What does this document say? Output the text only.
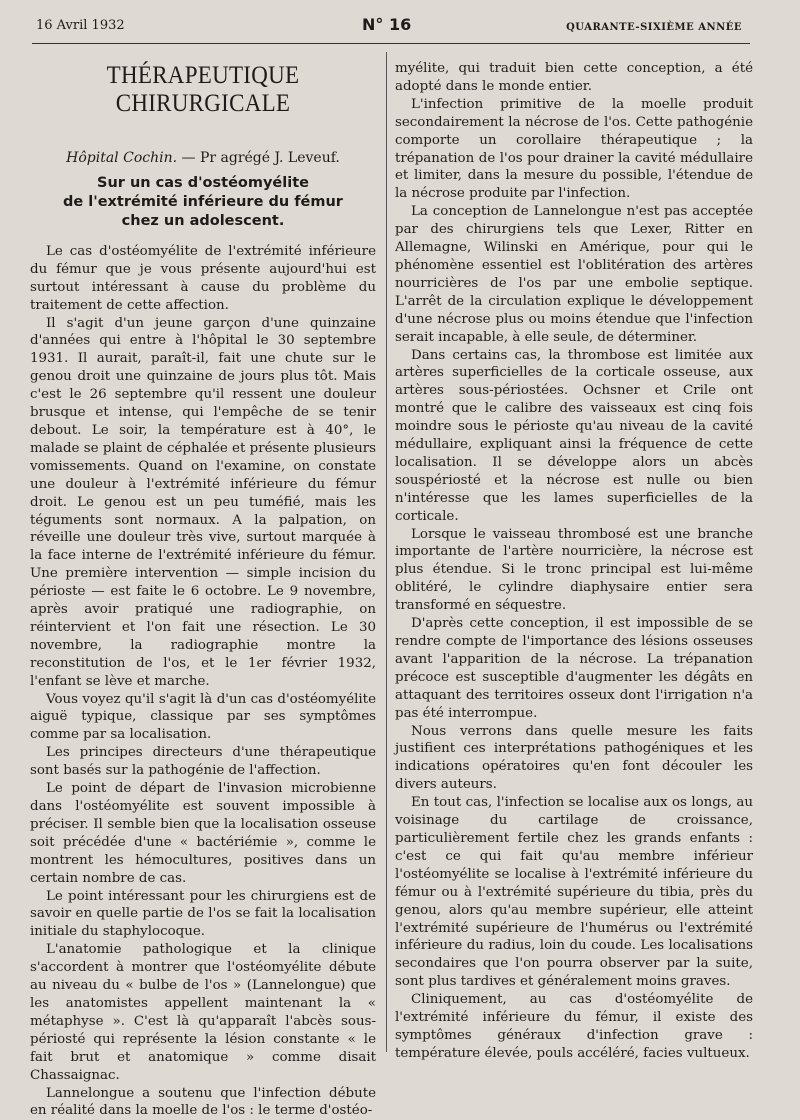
16 Avril 1932	N° 16	QUARANTE-SIXIÈME ANNÉE
THÉRAPEUTIQUE CHIRURGICALE
Hôpital Cochin. — Pr agrégé J. Leveuf.
Sur un cas d'ostéomyélite
de l'extrémité inférieure du fémur
chez un adolescent.

Le cas d'ostéomyélite de l'extrémité inférieure du fémur que je vous présente aujourd'hui est surtout intéressant à cause du problème du traitement de cette affection.

Il s'agit d'un jeune garçon d'une quinzaine d'années qui entre à l'hôpital le 30 septembre 1931. Il aurait, paraît-il, fait une chute sur le genou droit une quinzaine de jours plus tôt. Mais c'est le 26 septembre qu'il ressent une douleur brusque et intense, qui l'empêche de se tenir debout. Le soir, la température est à 40°, le malade se plaint de céphalée et présente plusieurs vomissements. Quand on l'examine, on constate une douleur à l'extrémité inférieure du fémur droit. Le genou est un peu tuméfié, mais les téguments sont normaux. A la palpation, on réveille une douleur très vive, surtout marquée à la face interne de l'extrémité inférieure du fémur. Une première intervention — simple incision du périoste — est faite le 6 octobre. Le 9 novembre, après avoir pratiqué une radiographie, on réintervient et l'on fait une résection. Le 30 novembre, la radiographie montre la reconstitution de l'os, et le 1er février 1932, l'enfant se lève et marche.

Vous voyez qu'il s'agit là d'un cas d'ostéomyélite aiguë typique, classique par ses symptômes comme par sa localisation.

Les principes directeurs d'une thérapeutique sont basés sur la pathogénie de l'affection.

Le point de départ de l'invasion microbienne dans l'ostéomyélite est souvent impossible à préciser. Il semble bien que la localisation osseuse soit précédée d'une « bactériémie », comme le montrent les hémocultures, positives dans un certain nombre de cas.

Le point intéressant pour les chirurgiens est de savoir en quelle partie de l'os se fait la localisation initiale du staphylocoque.

L'anatomie pathologique et la clinique s'accordent à montrer que l'ostéomyélite débute au niveau du « bulbe de l'os » (Lannelongue) que les anatomistes appellent maintenant la « métaphyse ». C'est là qu'apparaît l'abcès sous-périosté qui représente la lésion constante « le fait brut et anatomique » comme disait Chassaignac.

Lannelongue a soutenu que l'infection débute en réalité dans la moelle de l'os : le terme d'ostéo-

myélite, qui traduit bien cette conception, a été adopté dans le monde entier.

L'infection primitive de la moelle produit secondairement la nécrose de l'os. Cette pathogénie comporte un corollaire thérapeutique ; la trépanation de l'os pour drainer la cavité médullaire et limiter, dans la mesure du possible, l'étendue de la nécrose produite par l'infection.

La conception de Lannelongue n'est pas acceptée par des chirurgiens tels que Lexer, Ritter en Allemagne, Wilinski en Amérique, pour qui le phénomène essentiel est l'oblitération des artères nourricières de l'os par une embolie septique. L'arrêt de la circulation explique le développement d'une nécrose plus ou moins étendue que l'infection serait incapable, à elle seule, de déterminer.

Dans certains cas, la thrombose est limitée aux artères superficielles de la corticale osseuse, aux artères sous-périostées. Ochsner et Crile ont montré que le calibre des vaisseaux est cinq fois moindre sous le périoste qu'au niveau de la cavité médullaire, expliquant ainsi la fréquence de cette localisation. Il se développe alors un abcès souspériosté et la nécrose est nulle ou bien n'intéresse que les lames superficielles de la corticale.

Lorsque le vaisseau thrombosé est une branche importante de l'artère nourricière, la nécrose est plus étendue. Si le tronc principal est lui-même oblitéré, le cylindre diaphysaire entier sera transformé en séquestre.

D'après cette conception, il est impossible de se rendre compte de l'importance des lésions osseuses avant l'apparition de la nécrose. La trépanation précoce est susceptible d'augmenter les dégâts en attaquant des territoires osseux dont l'irrigation n'a pas été interrompue.

Nous verrons dans quelle mesure les faits justifient ces interprétations pathogéniques et les indications opératoires qu'en font découler les divers auteurs.

En tout cas, l'infection se localise aux os longs, au voisinage du cartilage de croissance, particulièrement fertile chez les grands enfants : c'est ce qui fait qu'au membre inférieur l'ostéomyélite se localise à l'extrémité inférieure du fémur ou à l'extrémité supérieure du tibia, près du genou, alors qu'au membre supérieur, elle atteint l'extrémité supérieure de l'humérus ou l'extrémité inférieure du radius, loin du coude. Les localisations secondaires que l'on pourra observer par la suite, sont plus tardives et généralement moins graves.

Cliniquement, au cas d'ostéomyélite de l'extrémité inférieure du fémur, il existe des symptômes généraux d'infection grave : température élevée, pouls accéléré, facies vultueux.
